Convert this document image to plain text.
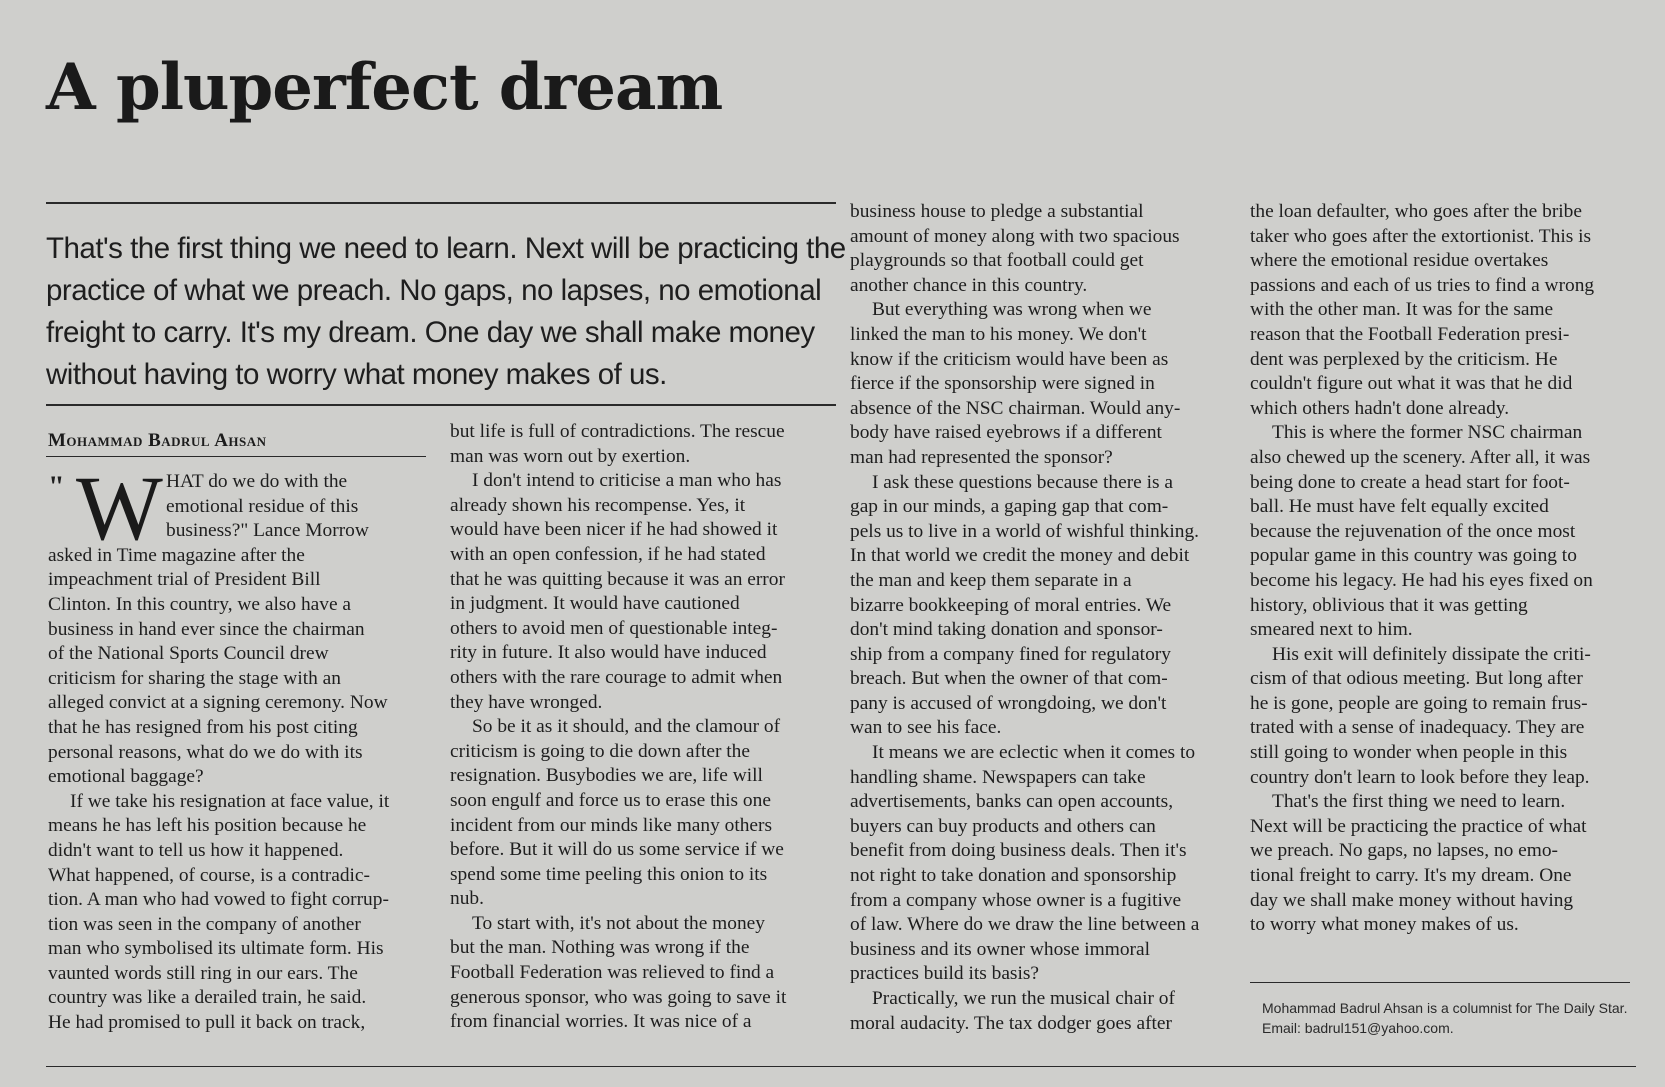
A pluperfect dream
That's the first thing we need to learn. Next will be practicing the
practice of what we preach. No gaps, no lapses, no emotional
freight to carry. It's my dream. One day we shall make money
without having to worry what money makes of us.
Mohammad Badrul Ahsan
" W HAT do we do with the
emotional residue of this
business?" Lance Morrow
asked in Time magazine after the
impeachment trial of President Bill
Clinton. In this country, we also have a
business in hand ever since the chairman
of the National Sports Council drew
criticism for sharing the stage with an
alleged convict at a signing ceremony. Now
that he has resigned from his post citing
personal reasons, what do we do with its
emotional baggage?
If we take his resignation at face value, it
means he has left his position because he
didn't want to tell us how it happened.
What happened, of course, is a contradic-
tion. A man who had vowed to fight corrup-
tion was seen in the company of another
man who symbolised its ultimate form. His
vaunted words still ring in our ears. The
country was like a derailed train, he said.
He had promised to pull it back on track,
but life is full of contradictions. The rescue
man was worn out by exertion.
I don't intend to criticise a man who has
already shown his recompense. Yes, it
would have been nicer if he had showed it
with an open confession, if he had stated
that he was quitting because it was an error
in judgment. It would have cautioned
others to avoid men of questionable integ-
rity in future. It also would have induced
others with the rare courage to admit when
they have wronged.
So be it as it should, and the clamour of
criticism is going to die down after the
resignation. Busybodies we are, life will
soon engulf and force us to erase this one
incident from our minds like many others
before. But it will do us some service if we
spend some time peeling this onion to its
nub.
To start with, it's not about the money
but the man. Nothing was wrong if the
Football Federation was relieved to find a
generous sponsor, who was going to save it
from financial worries. It was nice of a
business house to pledge a substantial
amount of money along with two spacious
playgrounds so that football could get
another chance in this country.
But everything was wrong when we
linked the man to his money. We don't
know if the criticism would have been as
fierce if the sponsorship were signed in
absence of the NSC chairman. Would any-
body have raised eyebrows if a different
man had represented the sponsor?
I ask these questions because there is a
gap in our minds, a gaping gap that com-
pels us to live in a world of wishful thinking.
In that world we credit the money and debit
the man and keep them separate in a
bizarre bookkeeping of moral entries. We
don't mind taking donation and sponsor-
ship from a company fined for regulatory
breach. But when the owner of that com-
pany is accused of wrongdoing, we don't
wan to see his face.
It means we are eclectic when it comes to
handling shame. Newspapers can take
advertisements, banks can open accounts,
buyers can buy products and others can
benefit from doing business deals. Then it's
not right to take donation and sponsorship
from a company whose owner is a fugitive
of law. Where do we draw the line between a
business and its owner whose immoral
practices build its basis?
Practically, we run the musical chair of
moral audacity. The tax dodger goes after
the loan defaulter, who goes after the bribe
taker who goes after the extortionist. This is
where the emotional residue overtakes
passions and each of us tries to find a wrong
with the other man. It was for the same
reason that the Football Federation presi-
dent was perplexed by the criticism. He
couldn't figure out what it was that he did
which others hadn't done already.
This is where the former NSC chairman
also chewed up the scenery. After all, it was
being done to create a head start for foot-
ball. He must have felt equally excited
because the rejuvenation of the once most
popular game in this country was going to
become his legacy. He had his eyes fixed on
history, oblivious that it was getting
smeared next to him.
His exit will definitely dissipate the criti-
cism of that odious meeting. But long after
he is gone, people are going to remain frus-
trated with a sense of inadequacy. They are
still going to wonder when people in this
country don't learn to look before they leap.
That's the first thing we need to learn.
Next will be practicing the practice of what
we preach. No gaps, no lapses, no emo-
tional freight to carry. It's my dream. One
day we shall make money without having
to worry what money makes of us.
Mohammad Badrul Ahsan is a columnist for The Daily Star.
Email: badrul151@yahoo.com.
